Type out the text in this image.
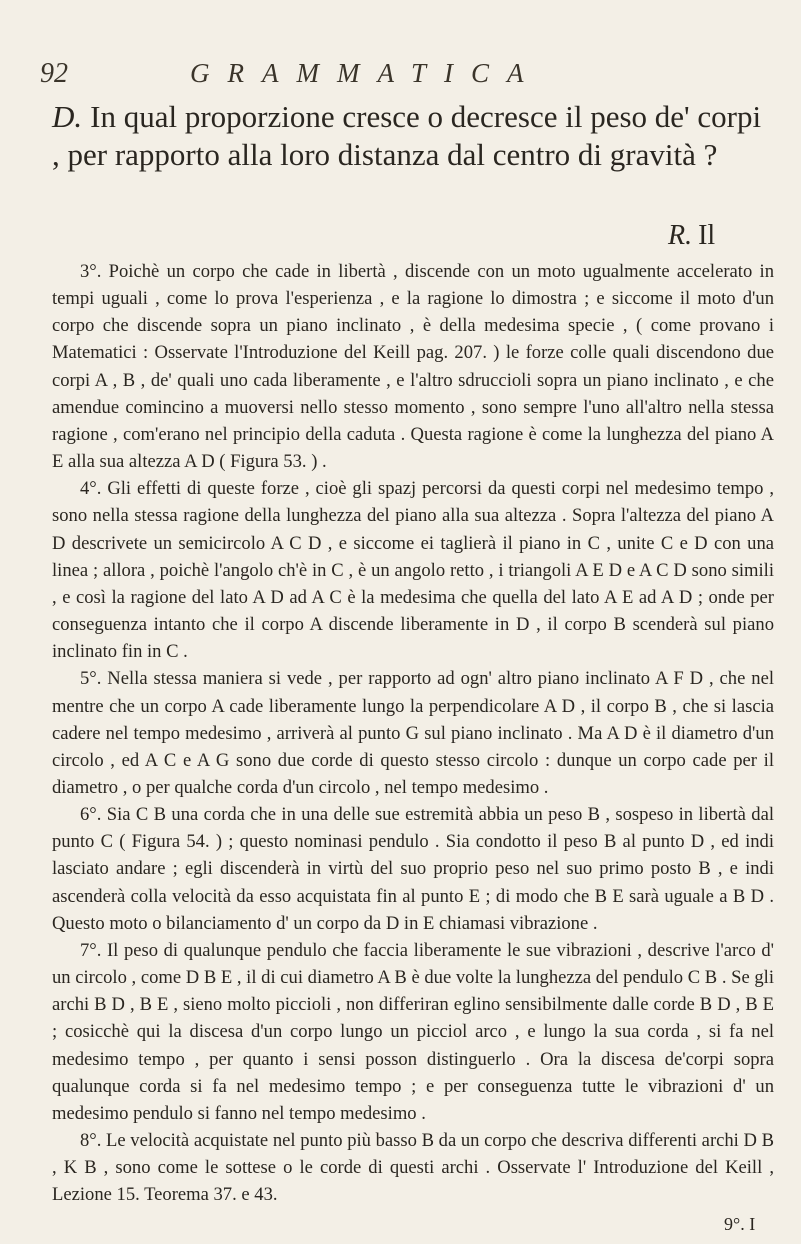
92	GRAMMATICA
D. In qual proporzione cresce o decresce il peso de' corpi , per rapporto alla loro distanza dal centro di gravità ?
R. Il

3°. Poichè un corpo che cade in libertà , discende con un moto ugualmente accelerato in tempi uguali , come lo prova l'esperienza , e la ragione lo dimostra ; e siccome il moto d'un corpo che discende sopra un piano inclinato , è della medesima specie , ( come provano i Matematici : Osservate l'Introduzione del Keill pag. 207. ) le forze colle quali discendono due corpi A , B , de' quali uno cada liberamente , e l'altro sdruccioli sopra un piano inclinato , e che amendue comincino a muoversi nello stesso momento , sono sempre l'uno all'altro nella stessa ragione , com'erano nel principio della caduta . Questa ragione è come la lunghezza del piano A E alla sua altezza A D ( Figura 53. ) .

4°. Gli effetti di queste forze , cioè gli spazj percorsi da questi corpi nel medesimo tempo , sono nella stessa ragione della lunghezza del piano alla sua altezza . Sopra l'altezza del piano A D descrivete un semicircolo A C D , e siccome ei taglierà il piano in C , unite C e D con una linea ; allora , poichè l'angolo ch'è in C , è un angolo retto , i triangoli A E D e A C D sono simili , e così la ragione del lato A D ad A C è la medesima che quella del lato A E ad A D ; onde per conseguenza intanto che il corpo A discende liberamente in D , il corpo B scenderà sul piano inclinato fin in C .

5°. Nella stessa maniera si vede , per rapporto ad ogn' altro piano inclinato A F D , che nel mentre che un corpo A cade liberamente lungo la perpendicolare A D , il corpo B , che si lascia cadere nel tempo medesimo , arriverà al punto G sul piano inclinato . Ma A D è il diametro d'un circolo , ed A C e A G sono due corde di questo stesso circolo : dunque un corpo cade per il diametro , o per qualche corda d'un circolo , nel tempo medesimo .

6°. Sia C B una corda che in una delle sue estremità abbia un peso B , sospeso in libertà dal punto C ( Figura 54. ) ; questo nominasi pendulo . Sia condotto il peso B al punto D , ed indi lasciato andare ; egli discenderà in virtù del suo proprio peso nel suo primo posto B , e indi ascenderà colla velocità da esso acquistata fin al punto E ; di modo che B E sarà uguale a B D . Questo moto o bilanciamento d' un corpo da D in E chiamasi vibrazione .

7°. Il peso di qualunque pendulo che faccia liberamente le sue vibrazioni , descrive l'arco d' un circolo , come D B E , il di cui diametro A B è due volte la lunghezza del pendulo C B . Se gli archi B D , B E , sieno molto piccioli , non differiran eglino sensibilmente dalle corde B D , B E ; cosicchè qui la discesa d'un corpo lungo un picciol arco , e lungo la sua corda , si fa nel medesimo tempo , per quanto i sensi posson distinguerlo . Ora la discesa de'corpi sopra qualunque corda si fa nel medesimo tempo ; e per conseguenza tutte le vibrazioni d' un medesimo pendulo si fanno nel tempo medesimo .

8°. Le velocità acquistate nel punto più basso B da un corpo che descriva differenti archi D B , K B , sono come le sottese o le corde di questi archi . Osservate l' Introduzione del Keill , Lezione 15. Teorema 37. e 43.

9°. I
